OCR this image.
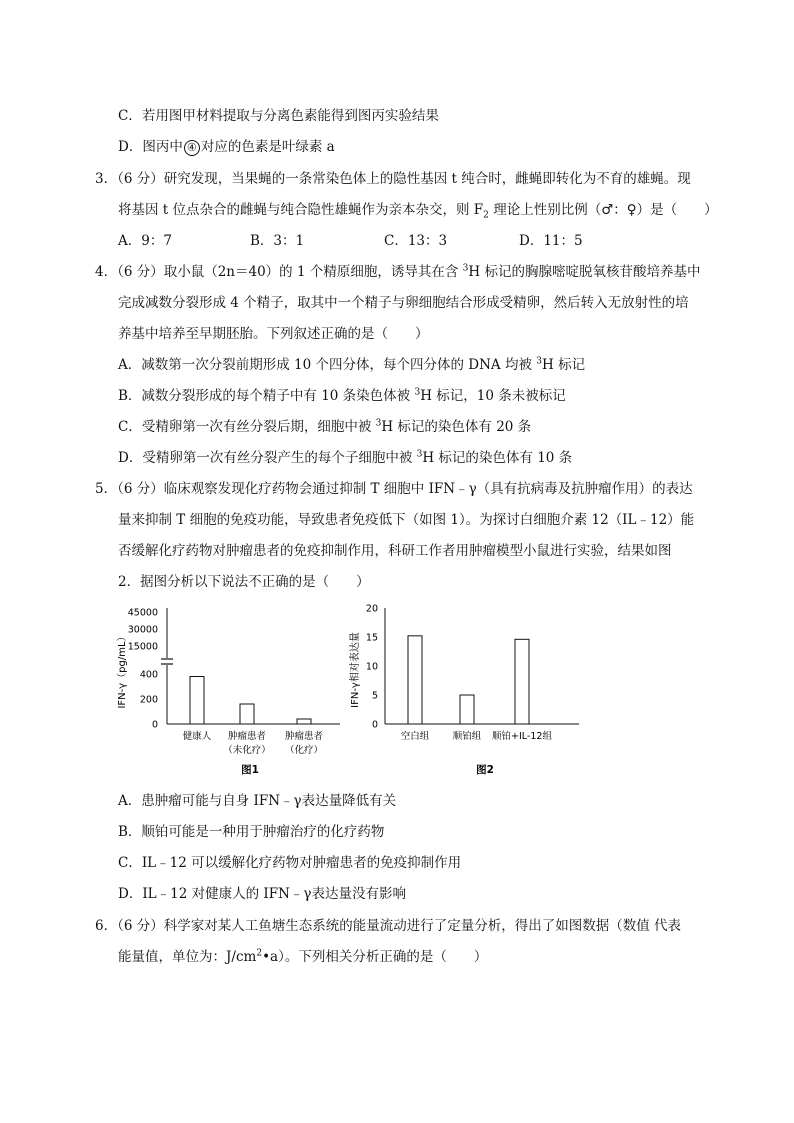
C．若用图甲材料提取与分离色素能得到图丙实验结果
D．图丙中 ④ 对应的色素是叶绿素 a
3．（6 分）研究发现，当果蝇的一条常染色体上的隐性基因 t 纯合时，雌蝇即转化为不育的雄蝇。现
将基因 t 位点杂合的雌蝇与纯合隐性雄蝇作为亲本杂交，则 $F_2$ 理论上性别比例（♂：♀）是（　　）
A．9：7	B．3：1	C．13：3	D．11：5
4．（6 分）取小鼠（2n＝40）的 1 个精原细胞，诱导其在含 $^3$H 标记的胸腺嘧啶脱氧核苷酸培养基中
完成减数分裂形成 4 个精子，取其中一个精子与卵细胞结合形成受精卵，然后转入无放射性的培
养基中培养至早期胚胎。下列叙述正确的是（　　）
A．减数第一次分裂前期形成 10 个四分体，每个四分体的 DNA 均被 $^3$H 标记
B．减数分裂形成的每个精子中有 10 条染色体被 $^3$H 标记，10 条未被标记
C．受精卵第一次有丝分裂后期，细胞中被 $^3$H 标记的染色体有 20 条
D．受精卵第一次有丝分裂产生的每个子细胞中被 $^3$H 标记的染色体有 10 条
5．（6 分）临床观察发现化疗药物会通过抑制 T 细胞中 IFN﹣γ（具有抗病毒及抗肿瘤作用）的表达
量来抑制 T 细胞的免疫功能，导致患者免疫低下（如图 1）。为探讨白细胞介素 12（IL﹣12）能
否缓解化疗药物对肿瘤患者的免疫抑制作用，科研工作者用肿瘤模型小鼠进行实验，结果如图
2．据图分析以下说法不正确的是（　　）
IFN-γ（pg/mL）
45000
30000
15000
400
200
0
健康人 肿瘤患者
（未化疗）
肿瘤患者
（化疗）
图1
IFN-γ相对表达量
20
15
10
5
0
空白组 顺铂组 顺铂+IL-12组
图2
A．患肿瘤可能与自身 IFN﹣γ表达量降低有关
B．顺铂可能是一种用于肿瘤治疗的化疗药物
C．IL﹣12 可以缓解化疗药物对肿瘤患者的免疫抑制作用
D．IL﹣12 对健康人的 IFN﹣γ表达量没有影响
6．（6 分）科学家对某人工鱼塘生态系统的能量流动进行了定量分析，得出了如图数据（数值 代表
能量值，单位为：$J/cm^2•a$）。下列相关分析正确的是（　　）
